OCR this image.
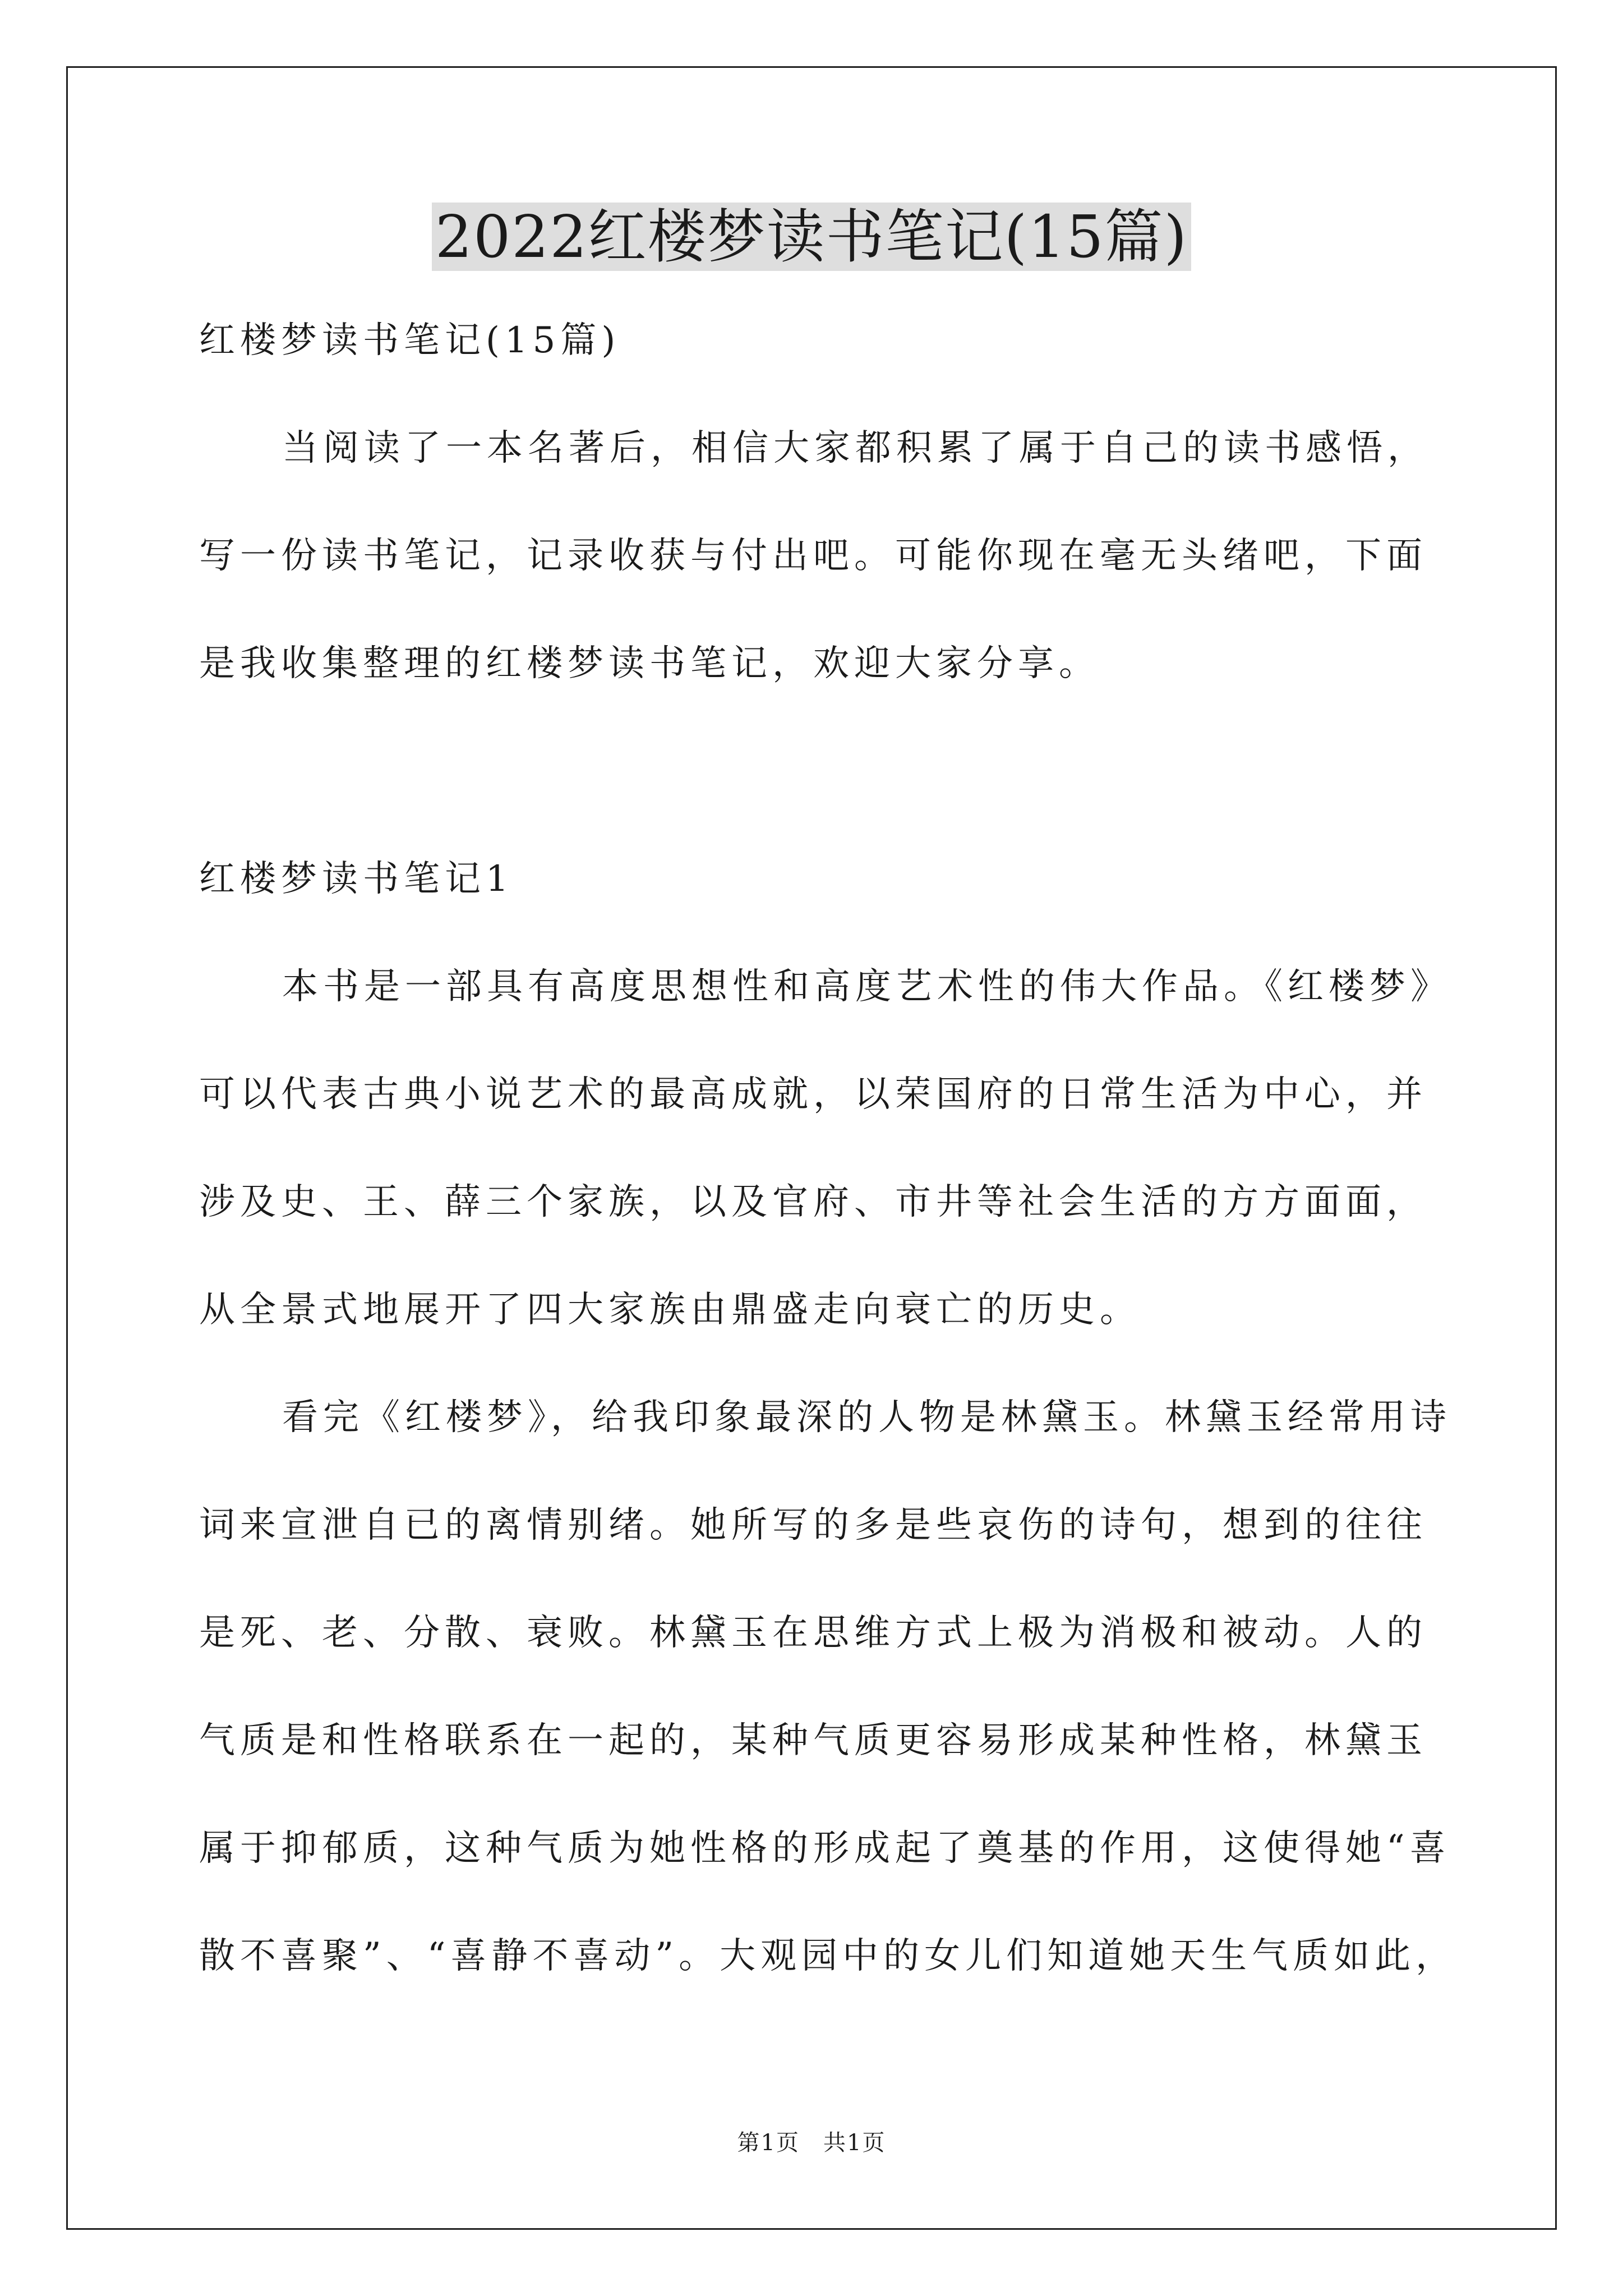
2022红楼梦读书笔记(15篇)
红楼梦读书笔记(15篇)
当阅读了一本名著后，相信大家都积累了属于自己的读书感悟，
写一份读书笔记，记录收获与付出吧。可能你现在毫无头绪吧，下面
是我收集整理的红楼梦读书笔记，欢迎大家分享。
红楼梦读书笔记1
本书是一部具有高度思想性和高度艺术性的伟大作品。《红楼梦》
可以代表古典小说艺术的最高成就，以荣国府的日常生活为中心，并
涉及史、王、薛三个家族，以及官府、市井等社会生活的方方面面，
从全景式地展开了四大家族由鼎盛走向衰亡的历史。
看完《红楼梦》，给我印象最深的人物是林黛玉。林黛玉经常用诗
词来宣泄自已的离情别绪。她所写的多是些哀伤的诗句，想到的往往
是死、老、分散、衰败。林黛玉在思维方式上极为消极和被动。人的
气质是和性格联系在一起的，某种气质更容易形成某种性格，林黛玉
属于抑郁质，这种气质为她性格的形成起了奠基的作用，这使得她“喜
散不喜聚”、“喜静不喜动”。大观园中的女儿们知道她天生气质如此，
第1页　共1页
